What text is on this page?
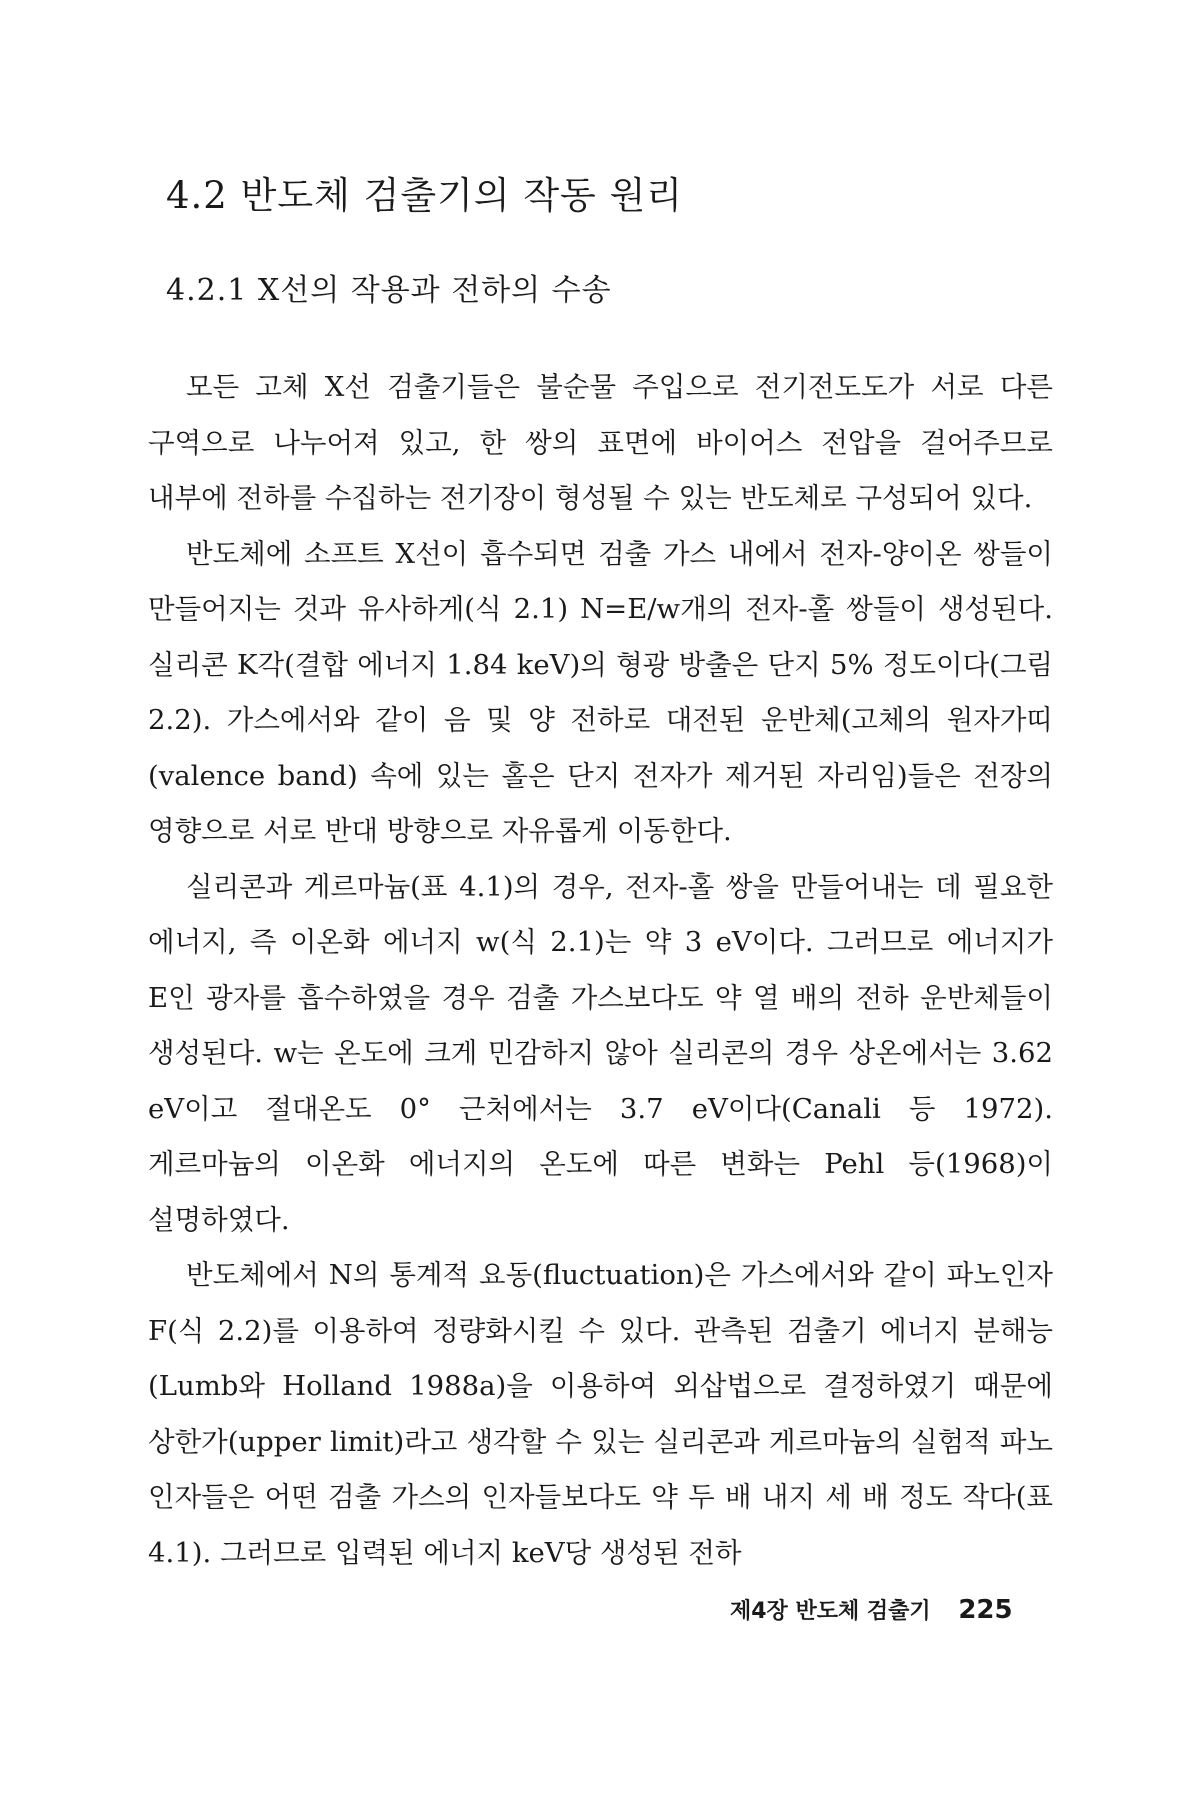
4.2 반도체 검출기의 작동 원리
4.2.1 X선의 작용과 전하의 수송

모든 고체 X선 검출기들은 불순물 주입으로 전기전도도가 서로 다른 구역으로 나누어져 있고, 한 쌍의 표면에 바이어스 전압을 걸어주므로 내부에 전하를 수집하는 전기장이 형성될 수 있는 반도체로 구성되어 있다.

반도체에 소프트 X선이 흡수되면 검출 가스 내에서 전자-양이온 쌍들이 만들어지는 것과 유사하게(식 2.1) N=E/w개의 전자-홀 쌍들이 생성된다. 실리콘 K각(결합 에너지 1.84 keV)의 형광 방출은 단지 5% 정도이다(그림 2.2). 가스에서와 같이 음 및 양 전하로 대전된 운반체(고체의 원자가띠(valence band) 속에 있는 홀은 단지 전자가 제거된 자리임)들은 전장의 영향으로 서로 반대 방향으로 자유롭게 이동한다.

실리콘과 게르마늄(표 4.1)의 경우, 전자-홀 쌍을 만들어내는 데 필요한 에너지, 즉 이온화 에너지 w(식 2.1)는 약 3 eV이다. 그러므로 에너지가 E인 광자를 흡수하였을 경우 검출 가스보다도 약 열 배의 전하 운반체들이 생성된다. w는 온도에 크게 민감하지 않아 실리콘의 경우 상온에서는 3.62 eV이고 절대온도 0° 근처에서는 3.7 eV이다(Canali 등 1972). 게르마늄의 이온화 에너지의 온도에 따른 변화는 Pehl 등(1968)이 설명하였다.

반도체에서 N의 통계적 요동(fluctuation)은 가스에서와 같이 파노인자 F(식 2.2)를 이용하여 정량화시킬 수 있다. 관측된 검출기 에너지 분해능(Lumb와 Holland 1988a)을 이용하여 외삽법으로 결정하였기 때문에 상한가(upper limit)라고 생각할 수 있는 실리콘과 게르마늄의 실험적 파노 인자들은 어떤 검출 가스의 인자들보다도 약 두 배 내지 세 배 정도 작다(표 4.1). 그러므로 입력된 에너지 keV당 생성된 전하

제4장 반도체 검출기 225
